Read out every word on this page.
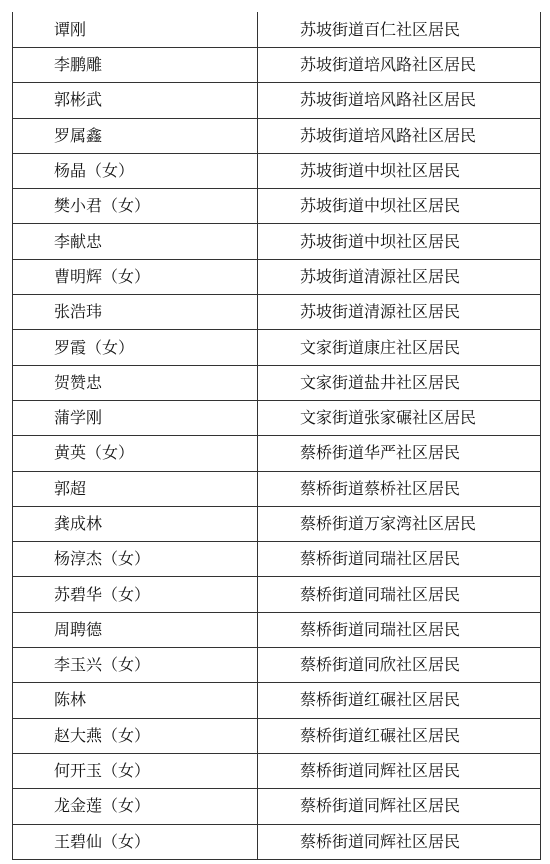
谭刚	苏坡街道百仁社区居民
李鹏雕	苏坡街道培风路社区居民
郭彬武	苏坡街道培风路社区居民
罗属鑫	苏坡街道培风路社区居民
杨晶（女）	苏坡街道中坝社区居民
樊小君（女）	苏坡街道中坝社区居民
李献忠	苏坡街道中坝社区居民
曹明辉（女）	苏坡街道清源社区居民
张浩玮	苏坡街道清源社区居民
罗霞（女）	文家街道康庄社区居民
贺赞忠	文家街道盐井社区居民
蒲学刚	文家街道张家碾社区居民
黄英（女）	蔡桥街道华严社区居民
郭超	蔡桥街道蔡桥社区居民
龚成林	蔡桥街道万家湾社区居民
杨淳杰（女）	蔡桥街道同瑞社区居民
苏碧华（女）	蔡桥街道同瑞社区居民
周聘德	蔡桥街道同瑞社区居民
李玉兴（女）	蔡桥街道同欣社区居民
陈林	蔡桥街道红碾社区居民
赵大燕（女）	蔡桥街道红碾社区居民
何开玉（女）	蔡桥街道同辉社区居民
龙金莲（女）	蔡桥街道同辉社区居民
王碧仙（女）	蔡桥街道同辉社区居民
